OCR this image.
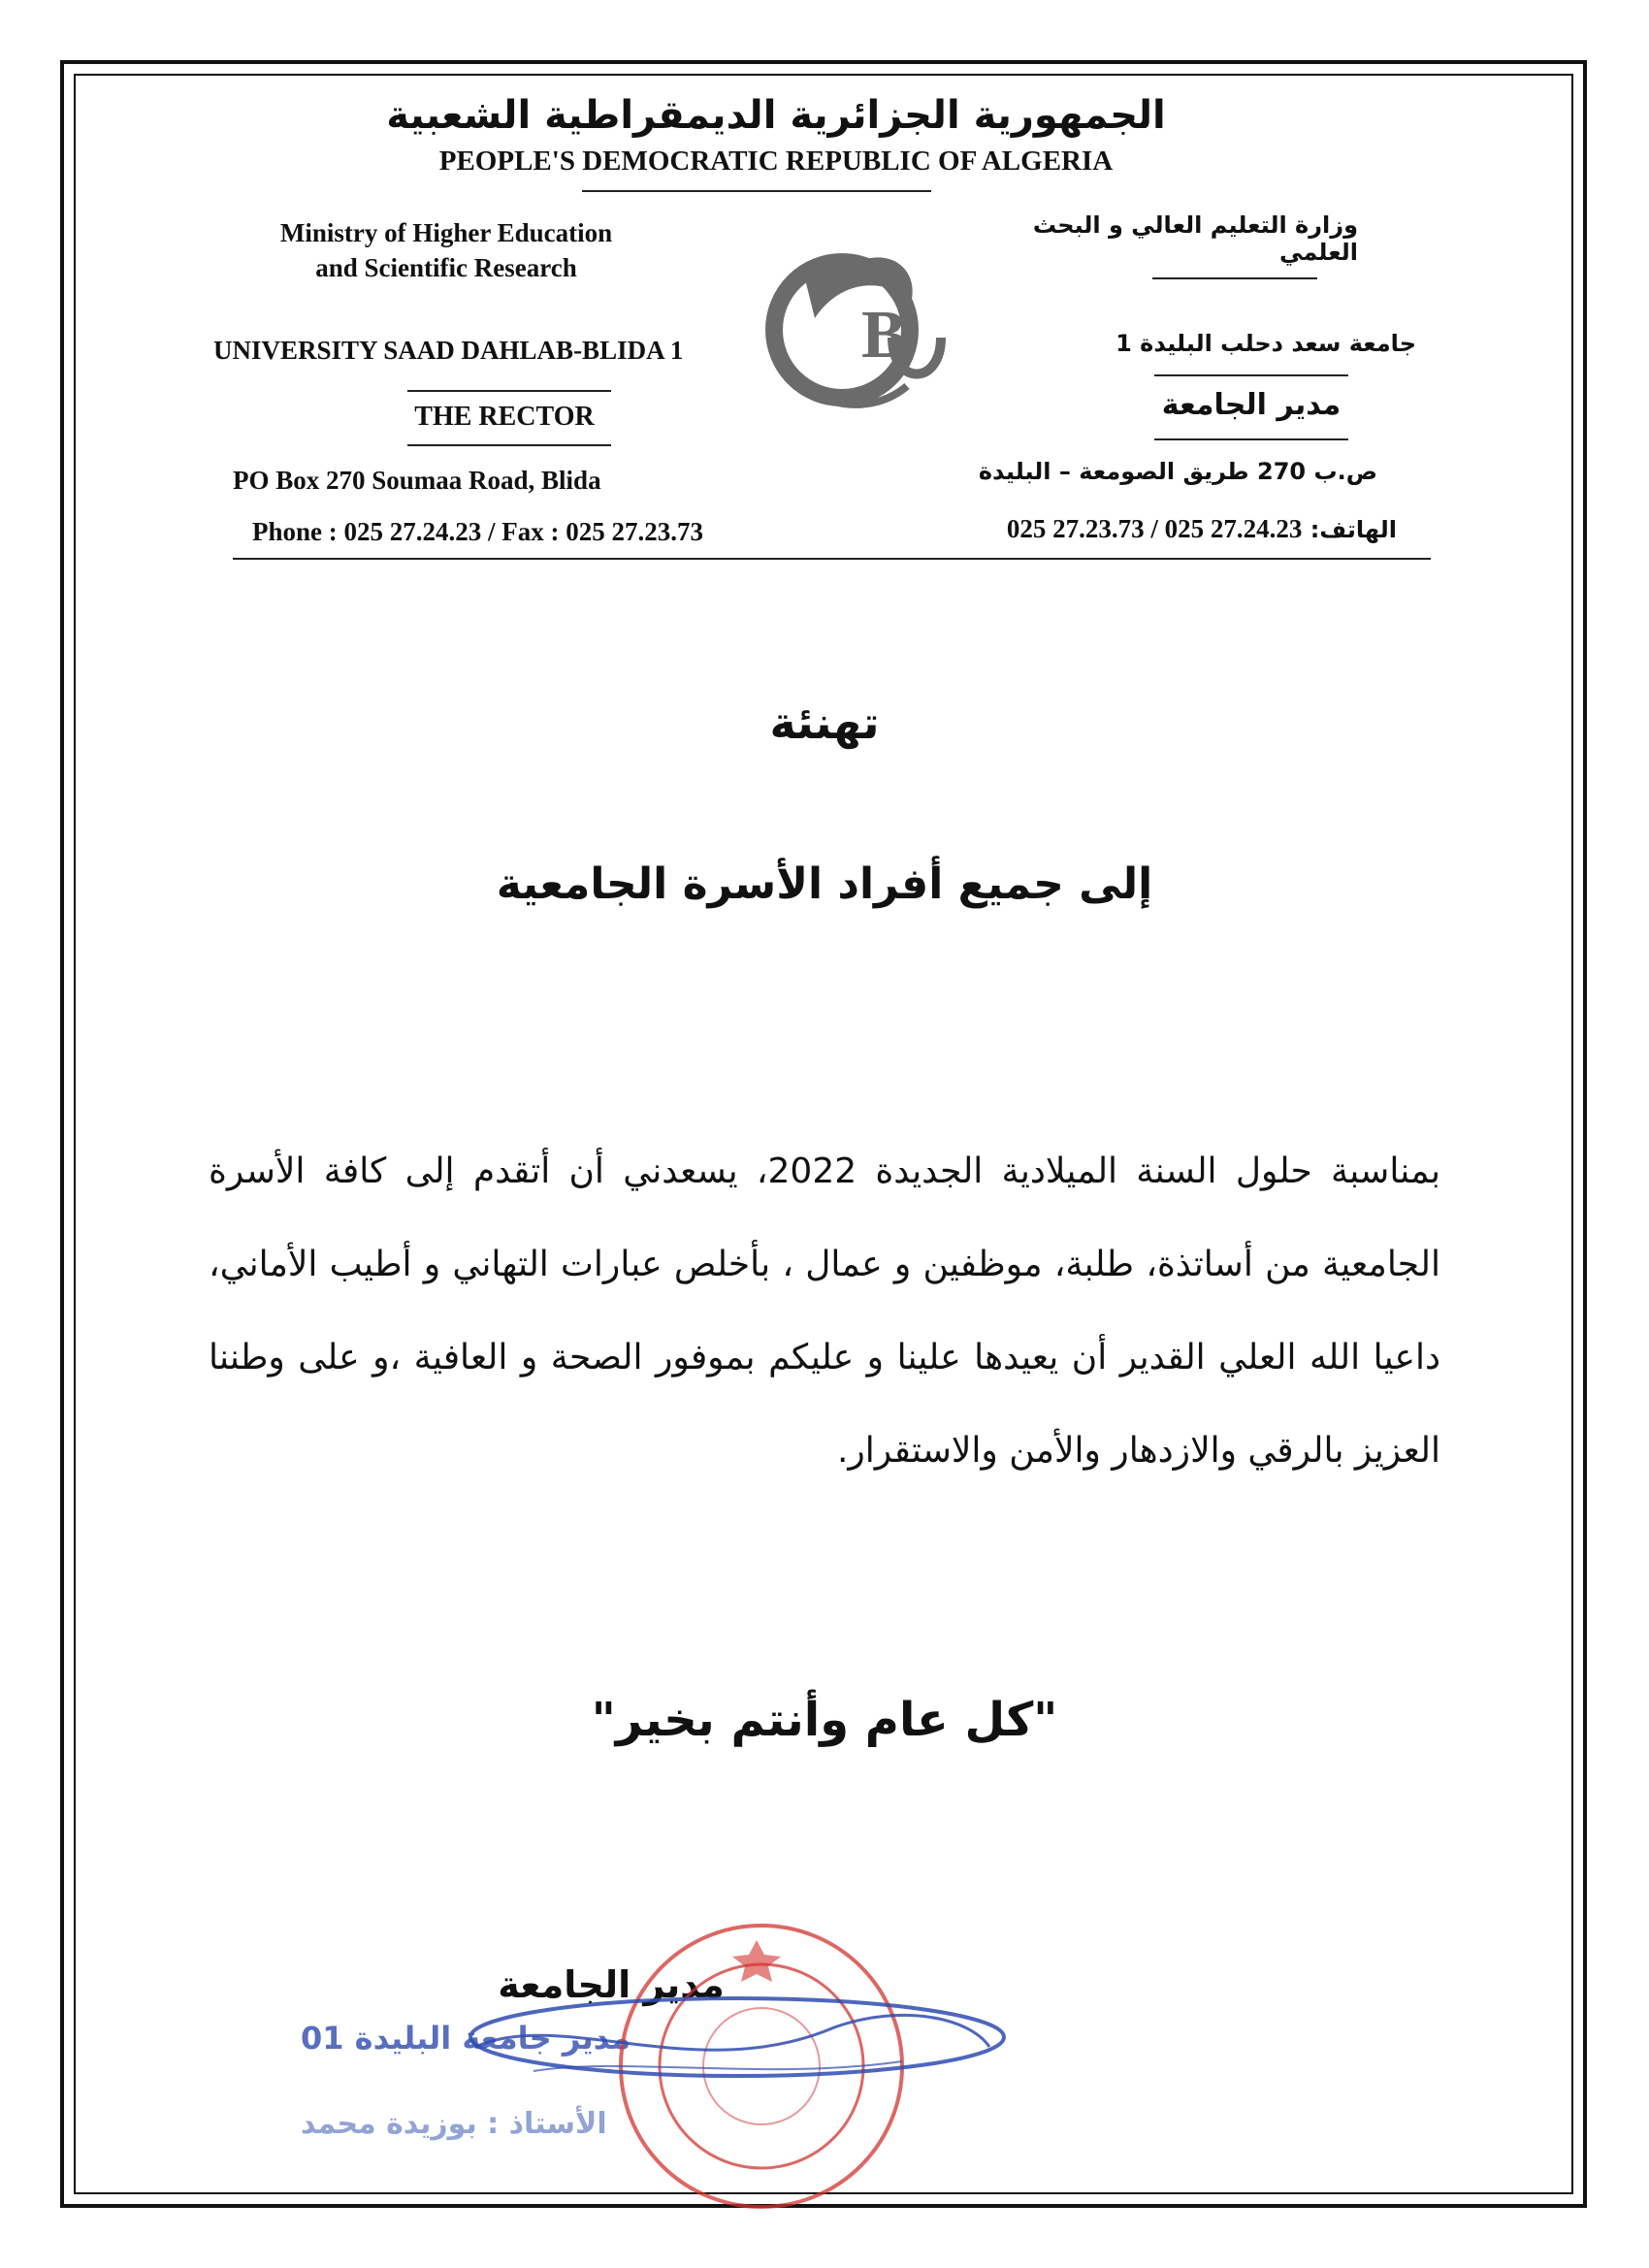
الجمهورية الجزائرية الديمقراطية الشعبية
PEOPLE'S DEMOCRATIC REPUBLIC OF ALGERIA
Ministry of Higher Education
and Scientific Research
UNIVERSITY SAAD DAHLAB-BLIDA 1
THE RECTOR
PO Box 270 Soumaa Road, Blida
Phone : 025 27.24.23 / Fax : 025 27.23.73
B
وزارة التعليم العالي و البحث العلمي
جامعة سعد دحلب البليدة 1
مدير الجامعة
ص.ب 270 طريق الصومعة – البليدة
الهاتف: 025 27.23.73 / 025 27.24.23
تهنئة
إلى جميع أفراد الأسرة الجامعية
بمناسبة حلول السنة الميلادية الجديدة 2022، يسعدني أن أتقدم إلى كافة الأسرة الجامعية من أساتذة، طلبة، موظفين و عمال ، بأخلص عبارات التهاني و أطيب الأماني، داعيا الله العلي القدير أن يعيدها علينا و عليكم بموفور الصحة و العافية ،و على وطننا العزيز بالرقي والازدهار والأمن والاستقرار.
"كل عام وأنتم بخير"
مدير الجامعة
مدير جامعة البليدة 01
الأستاذ : بوزيدة محمد
